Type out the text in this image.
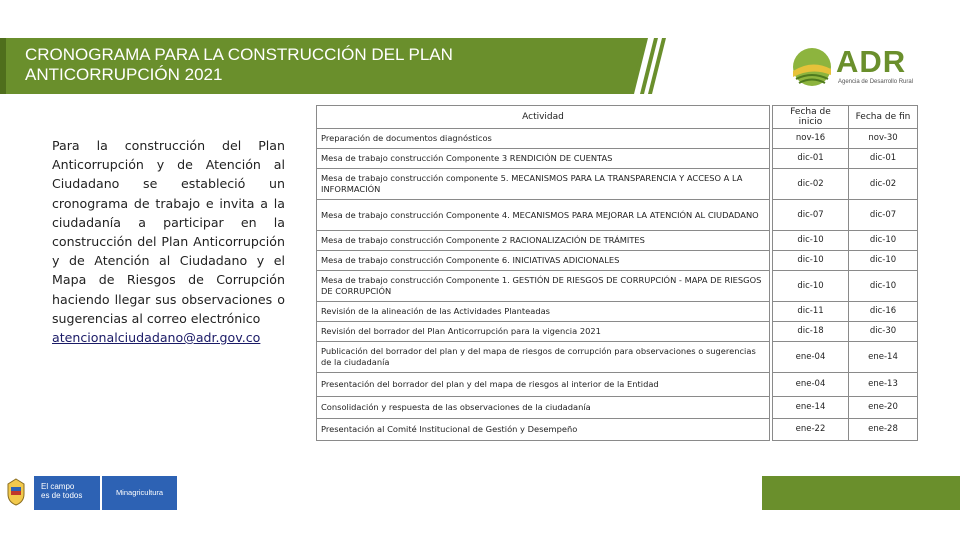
CRONOGRAMA PARA LA CONSTRUCCIÓN DEL PLAN
ANTICORRUPCIÓN 2021	ADR
Agencia de Desarrollo Rural

Para la construcción del Plan Anticorrupción y de Atención al Ciudadano se estableció un cronograma de trabajo e invita a la ciudadanía a participar en la construcción del Plan Anticorrupción y de Atención al Ciudadano y el Mapa de Riesgos de Corrupción haciendo llegar sus observaciones o sugerencias al correo electrónico
atencionalciudadano@adr.gov.co

Actividad		Fecha de inicio	Fecha de fin
Preparación de documentos diagnósticos		nov-16	nov-30
Mesa de trabajo construcción Componente 3 RENDICIÓN DE CUENTAS		dic-01	dic-01
Mesa de trabajo construcción componente 5. MECANISMOS PARA LA TRANSPARENCIA Y ACCESO A LA INFORMACIÓN		dic-02	dic-02
Mesa de trabajo construcción Componente 4. MECANISMOS PARA MEJORAR LA ATENCIÓN AL CIUDADANO		dic-07	dic-07
Mesa de trabajo construcción Componente 2 RACIONALIZACIÓN DE TRÁMITES		dic-10	dic-10
Mesa de trabajo construcción Componente 6. INICIATIVAS ADICIONALES		dic-10	dic-10
Mesa de trabajo construcción Componente 1. GESTIÓN DE RIESGOS DE CORRUPCIÓN - MAPA DE RIESGOS DE CORRUPCIÓN		dic-10	dic-10
Revisión de la alineación de las Actividades Planteadas		dic-11	dic-16
Revisión del borrador del Plan Anticorrupción para la vigencia 2021		dic-18	dic-30
Publicación del borrador del plan y del mapa de riesgos de corrupción para observaciones o sugerencias de la ciudadanía		ene-04	ene-14
Presentación del borrador del plan y del mapa de riesgos al interior de la Entidad		ene-04	ene-13
Consolidación y respuesta de las observaciones de la ciudadanía		ene-14	ene-20
Presentación al Comité Institucional de Gestión y Desempeño		ene-22	ene-28
El campo
es de todos	Minagricultura
